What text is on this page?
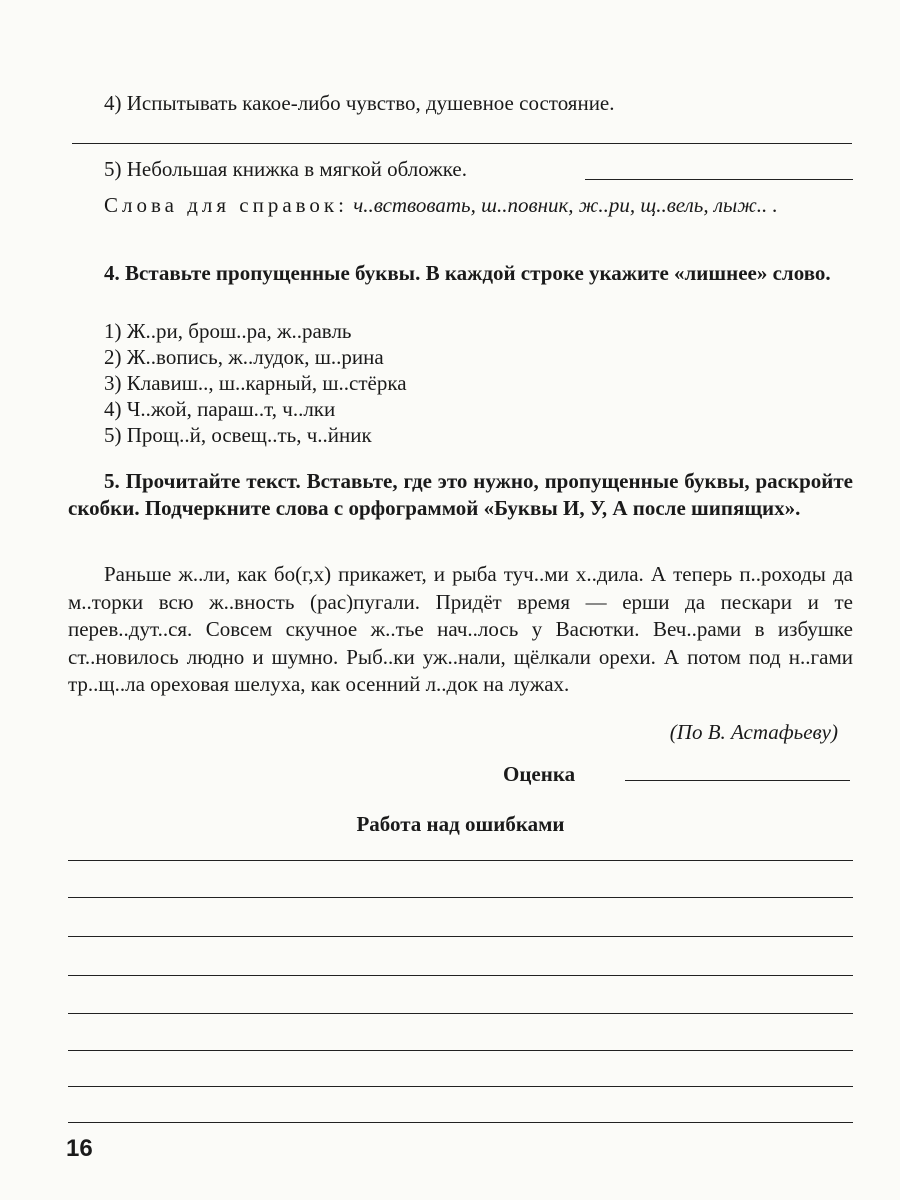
4) Испытывать какое-либо чувство, душевное состояние.

5) Небольшая книжка в мягкой обложке.

Слова для справок: ч..вствовать, ш..повник, ж..ри, щ..вель, лыж.. .

4. Вставьте пропущенные буквы. В каждой строке укажите «лишнее» слово.

1) Ж..ри, брош..ра, ж..равль
2) Ж..вопись, ж..лудок, ш..рина
3) Клавиш.., ш..карный, ш..стёрка
4) Ч..жой, параш..т, ч..лки
5) Прощ..й, освещ..ть, ч..йник

5. Прочитайте текст. Вставьте, где это нужно, пропущенные буквы, раскройте скобки. Подчеркните слова с орфограммой «Буквы И, У, А после шипящих».

Раньше ж..ли, как бо(г,х) прикажет, и рыба туч..ми х..дила. А теперь п..роходы да м..торки всю ж..вность (рас)пугали. Придёт время — ерши да пескари и те перев..дут..ся. Совсем скучное ж..тье нач..лось у Васютки. Веч..рами в избушке ст..новилось людно и шумно. Рыб..ки уж..нали, щёлкали орехи. А потом под н..гами тр..щ..ла ореховая шелуха, как осенний л..док на лужах.

(По В. Астафьеву)

Оценка
Работа над ошибками
16
